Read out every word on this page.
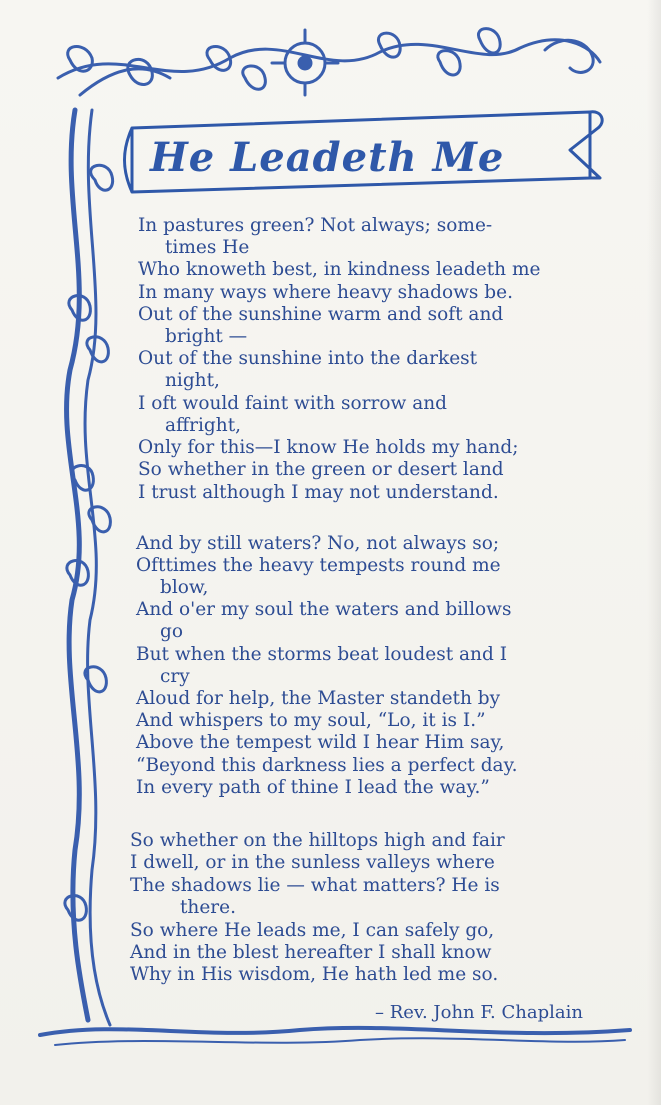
He Leadeth Me
In pastures green? Not always; some-
times He
Who knoweth best, in kindness leadeth me
In many ways where heavy shadows be.
Out of the sunshine warm and soft and
bright —
Out of the sunshine into the darkest
night,
I oft would faint with sorrow and
affright,
Only for this—I know He holds my hand;
So whether in the green or desert land
I trust although I may not understand.
And by still waters? No, not always so;
Ofttimes the heavy tempests round me
blow,
And o'er my soul the waters and billows
go
But when the storms beat loudest and I
cry
Aloud for help, the Master standeth by
And whispers to my soul, “Lo, it is I.”
Above the tempest wild I hear Him say,
“Beyond this darkness lies a perfect day.
In every path of thine I lead the way.”
So whether on the hilltops high and fair
I dwell, or in the sunless valleys where
The shadows lie — what matters? He is
there.
So where He leads me, I can safely go,
And in the blest hereafter I shall know
Why in His wisdom, He hath led me so.
– Rev. John F. Chaplain
